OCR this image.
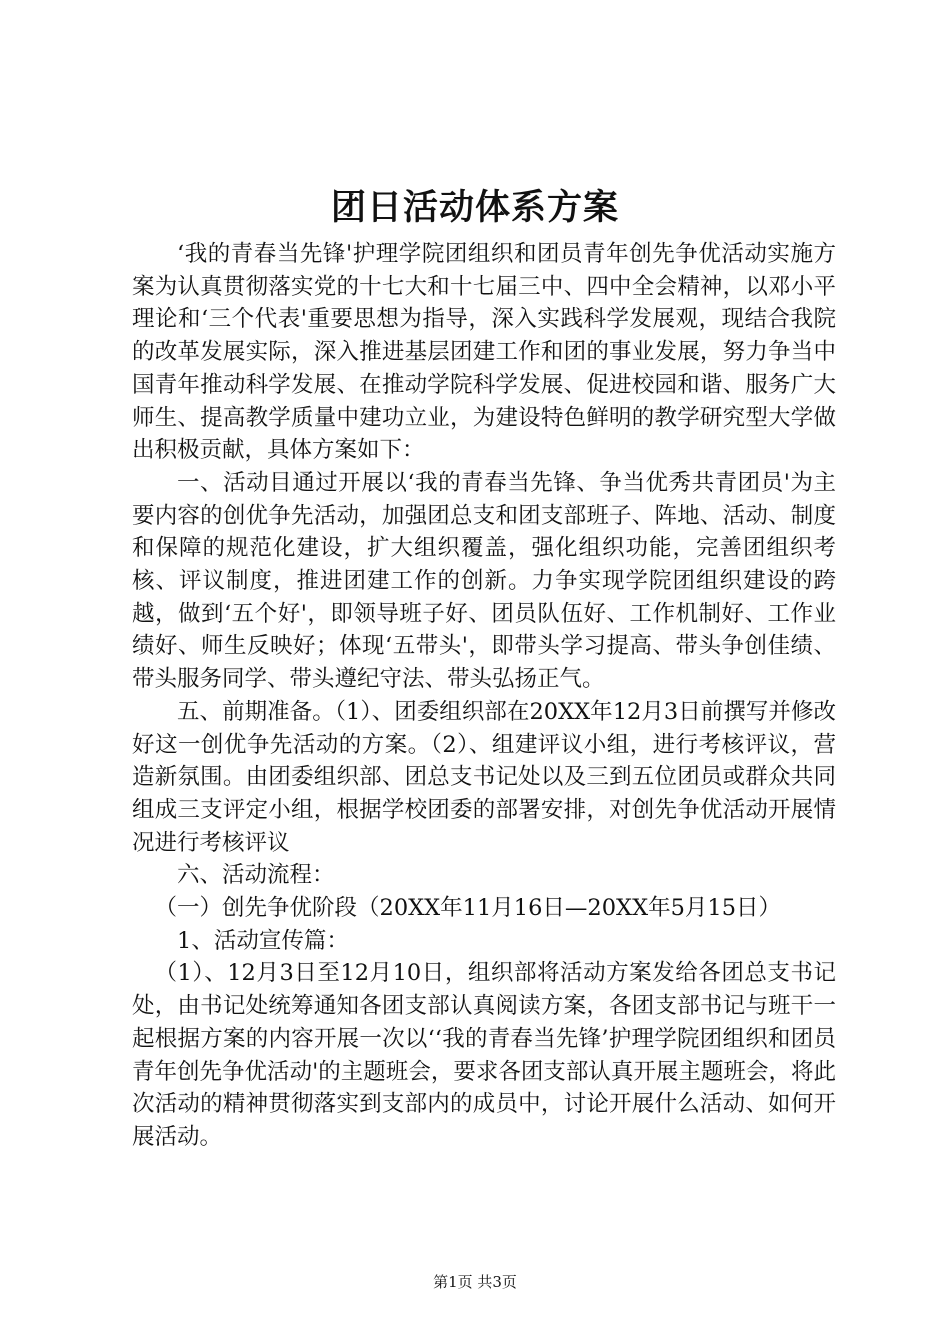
团日活动体系方案

‘我的青春当先锋'护理学院团组织和团员青年创先争优活动实施方案为认真贯彻落实党的十七大和十七届三中、四中全会精神，以邓小平理论和‘三个代表'重要思想为指导，深入实践科学发展观，现结合我院的改革发展实际，深入推进基层团建工作和团的事业发展，努力争当中国青年推动科学发展、在推动学院科学发展、促进校园和谐、服务广大师生、提高教学质量中建功立业，为建设特色鲜明的教学研究型大学做出积极贡献，具体方案如下：

一、活动目通过开展以‘我的青春当先锋、争当优秀共青团员'为主要内容的创优争先活动，加强团总支和团支部班子、阵地、活动、制度和保障的规范化建设，扩大组织覆盖，强化组织功能，完善团组织考核、评议制度，推进团建工作的创新。力争实现学院团组织建设的跨越，做到‘五个好'，即领导班子好、团员队伍好、工作机制好、工作业绩好、师生反映好；体现‘五带头'，即带头学习提高、带头争创佳绩、带头服务同学、带头遵纪守法、带头弘扬正气。

五、前期准备。（1）、团委组织部在20XX年12月3日前撰写并修改好这一创优争先活动的方案。（2）、组建评议小组，进行考核评议，营造新氛围。由团委组织部、团总支书记处以及三到五位团员或群众共同组成三支评定小组，根据学校团委的部署安排，对创先争优活动开展情况进行考核评议

六、活动流程：

（一）创先争优阶段（20XX年11月16日—20XX年5月15日）

1、活动宣传篇：

（1）、12月3日至12月10日，组织部将活动方案发给各团总支书记处，由书记处统筹通知各团支部认真阅读方案，各团支部书记与班干一起根据方案的内容开展一次以‘‘我的青春当先锋’护理学院团组织和团员青年创先争优活动'的主题班会，要求各团支部认真开展主题班会，将此次活动的精神贯彻落实到支部内的成员中，讨论开展什么活动、如何开展活动。

第1页 共3页
